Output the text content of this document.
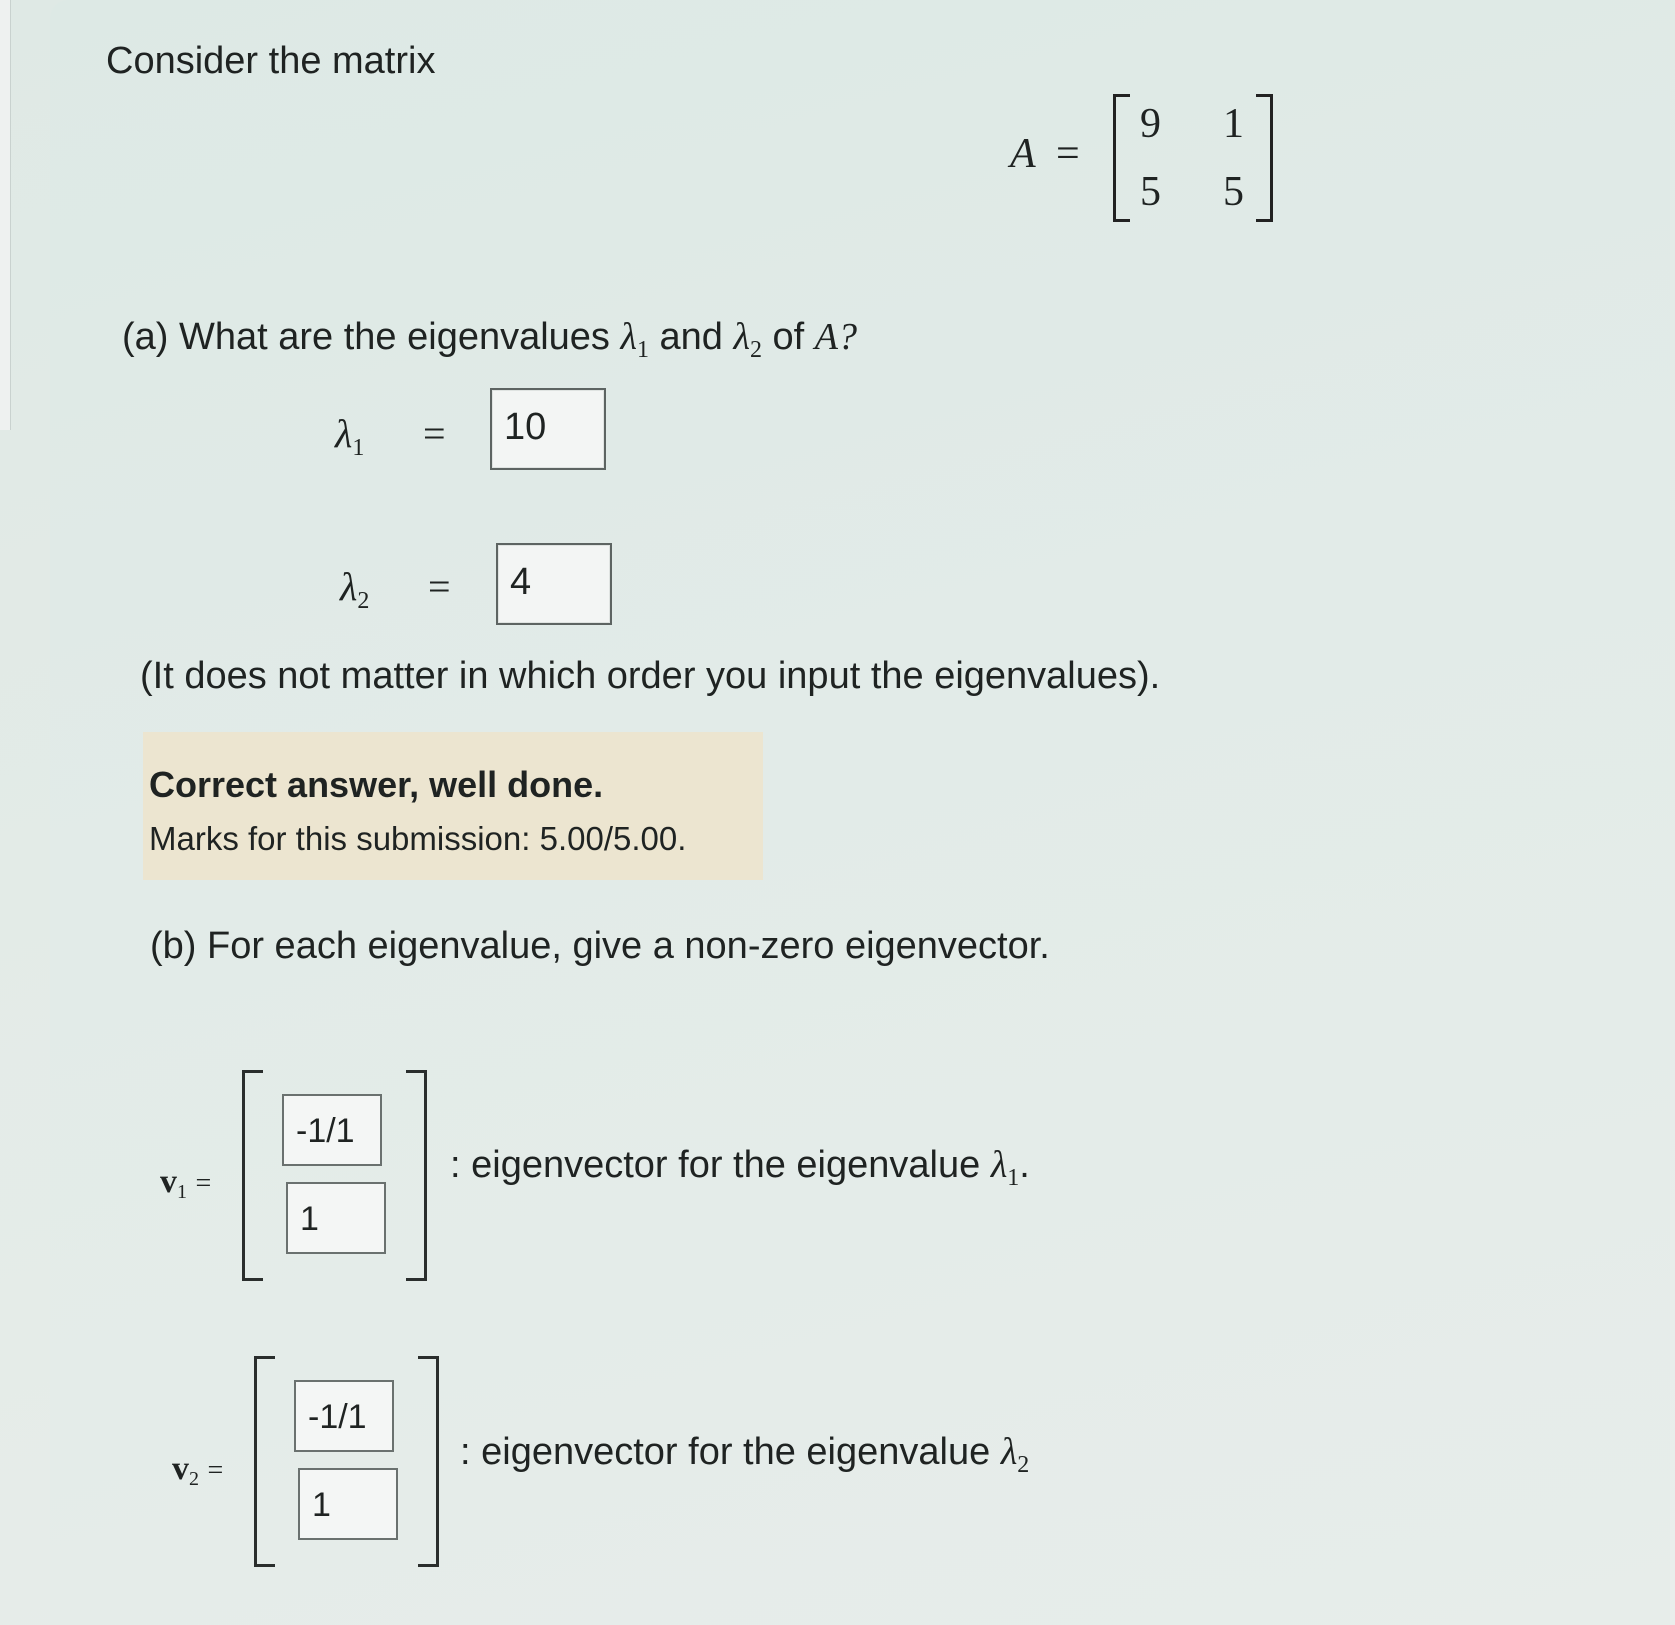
Consider the matrix
A =
9 1
5 5
(a) What are the eigenvalues $\lambda_1$ and $\lambda_2$ of A?
λ1 =	10
λ2 =	4
(It does not matter in which order you input the eigenvalues).
(b) For each eigenvalue, give a non-zero eigenvector.
v1 =
-1/1
1
: eigenvector for the eigenvalue $\lambda_1$.
v2 =
-1/1
1
: eigenvector for the eigenvalue $\lambda_2$
Correct answer, well done.
Marks for this submission: 5.00/5.00.
